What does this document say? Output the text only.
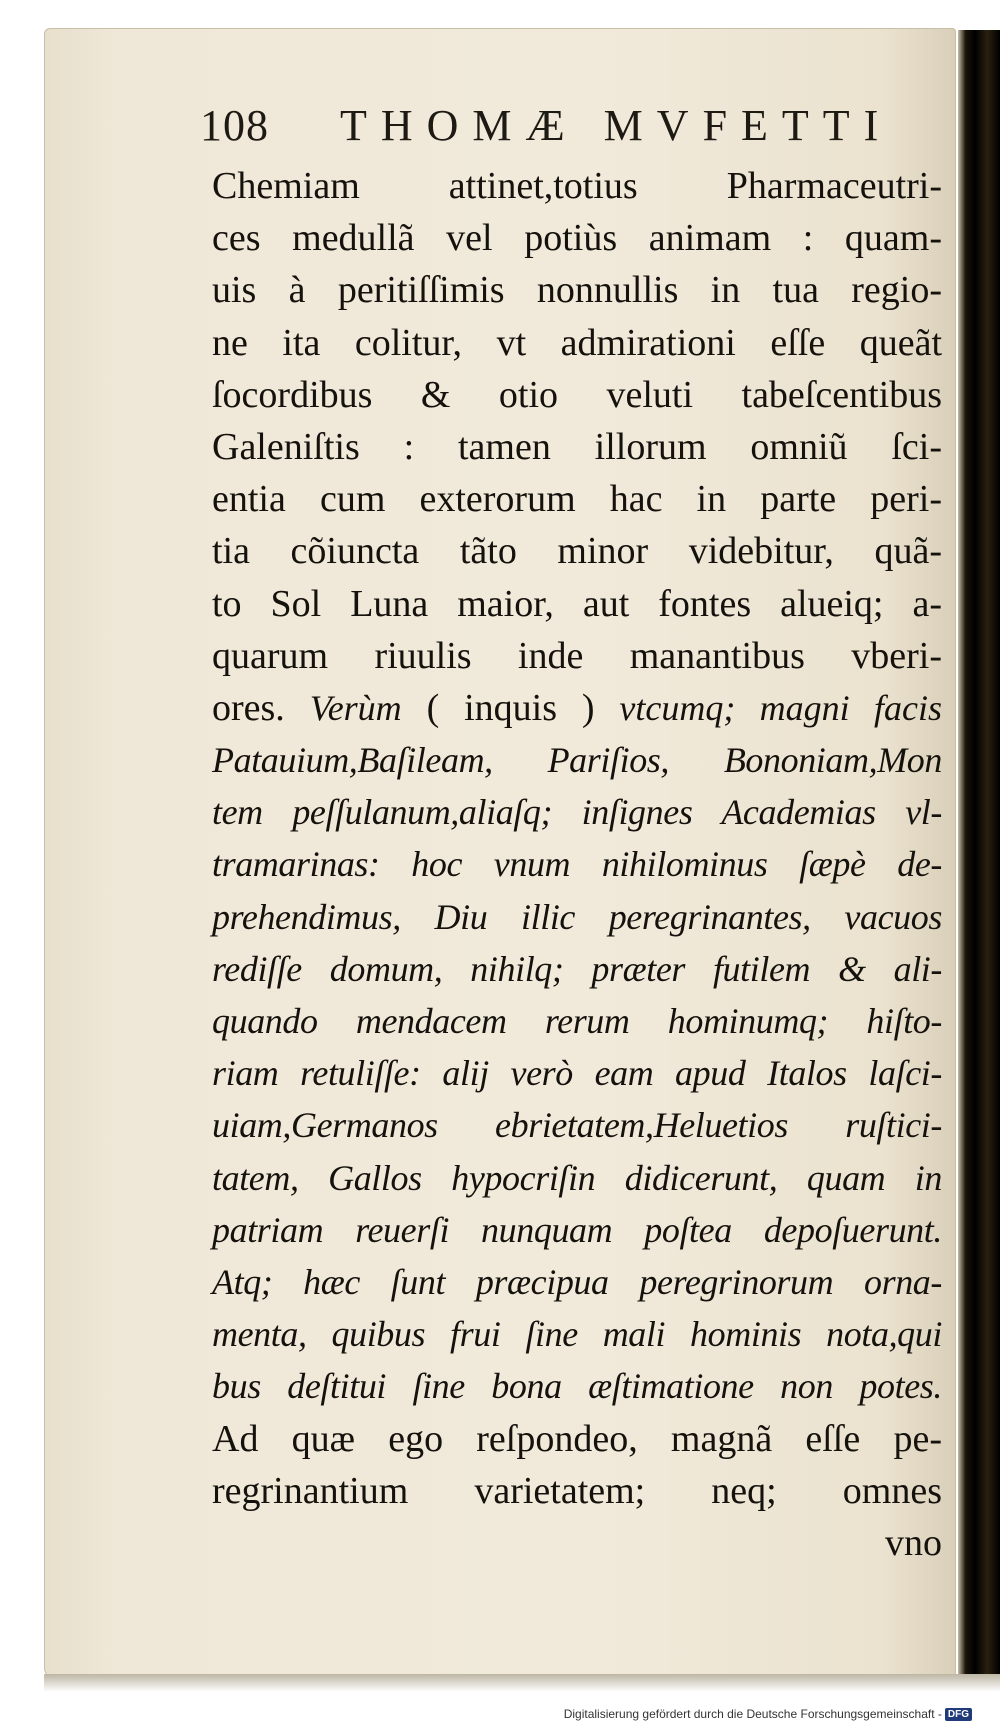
108 THOMÆ MVFETTI
Chemiam attinet,totius Pharmaceutri-
ces medullã vel potiùs animam : quam-
uis à peritiſſimis nonnullis in tua regio-
ne ita colitur, vt admirationi eſſe queãt
ſocordibus & otio veluti tabeſcentibus
Galeniſtis : tamen illorum omniũ ſci-
entia cum exterorum hac in parte peri-
tia cõiuncta tãto minor videbitur, quã-
to Sol Luna maior, aut fontes alueiq; a-
quarum riuulis inde manantibus vberi-
ores. Verùm ( inquis ) vtcumq; magni facis
Patauium,Baſileam, Pariſios, Bononiam,Mon
tem peſſulanum,aliaſq; inſignes Academias vl-
tramarinas: hoc vnum nihilominus ſæpè de-
prehendimus, Diu illic peregrinantes, vacuos
rediſſe domum, nihilq; præter futilem & ali-
quando mendacem rerum hominumq; hiſto-
riam retuliſſe: alij verò eam apud Italos laſci-
uiam,Germanos ebrietatem,Heluetios ruſtici-
tatem, Gallos hypocriſin didicerunt, quam in
patriam reuerſi nunquam poſtea depoſuerunt.
Atq; hæc ſunt præcipua peregrinorum orna-
menta, quibus frui ſine mali hominis nota,qui
bus deſtitui ſine bona æſtimatione non potes.
Ad quæ ego reſpondeo, magnã eſſe pe-
regrinantium varietatem; neq; omnes
vno
Digitalisierung gefördert durch die Deutsche Forschungsgemeinschaft - DFG
